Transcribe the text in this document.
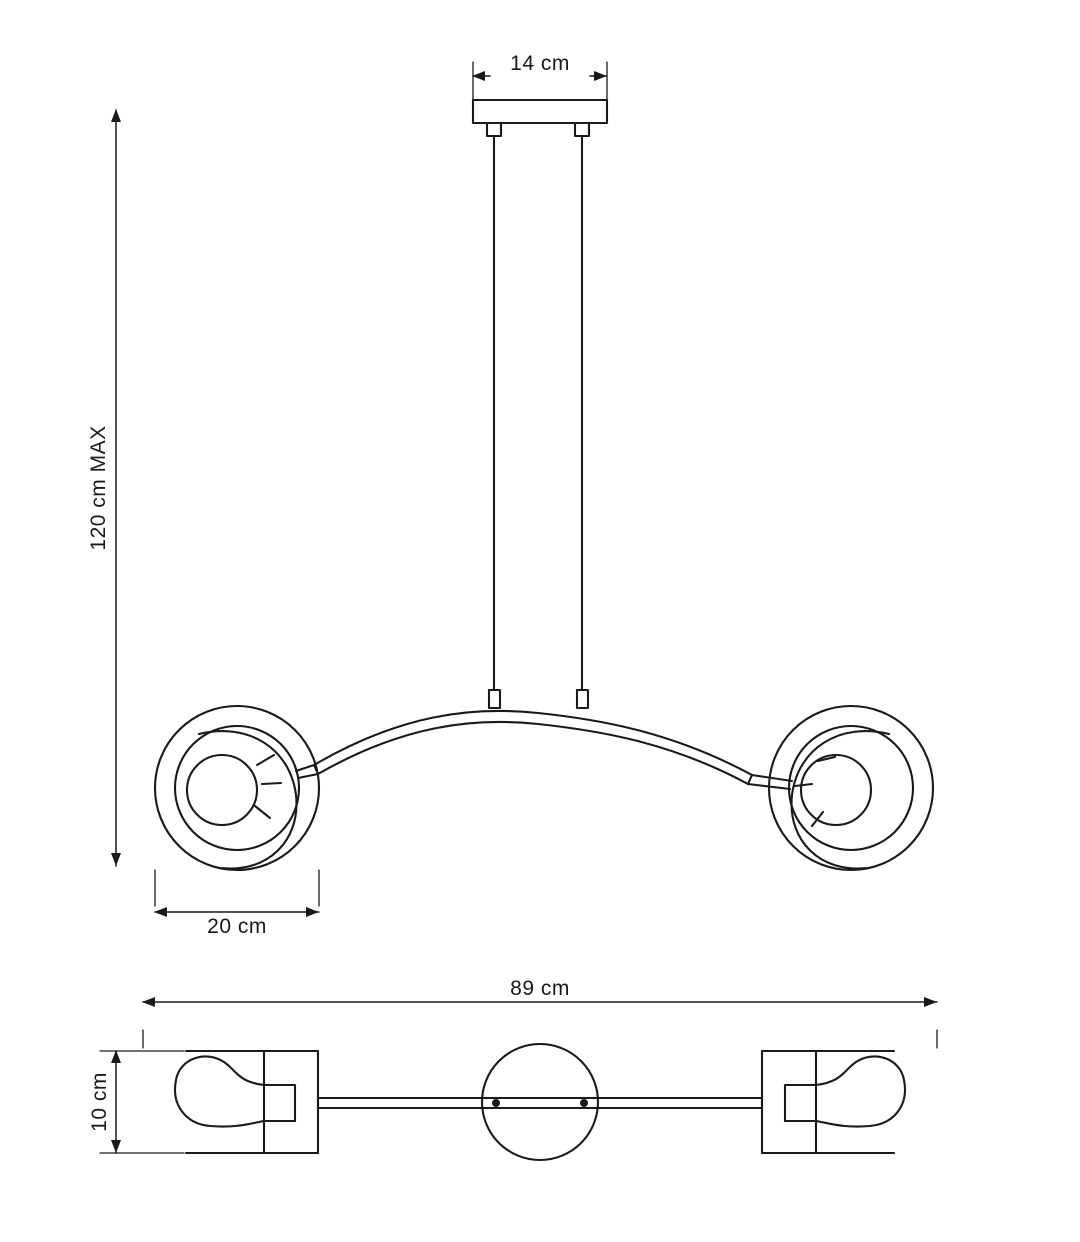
14 cm
120 cm MAX
20 cm
89 cm
10 cm
